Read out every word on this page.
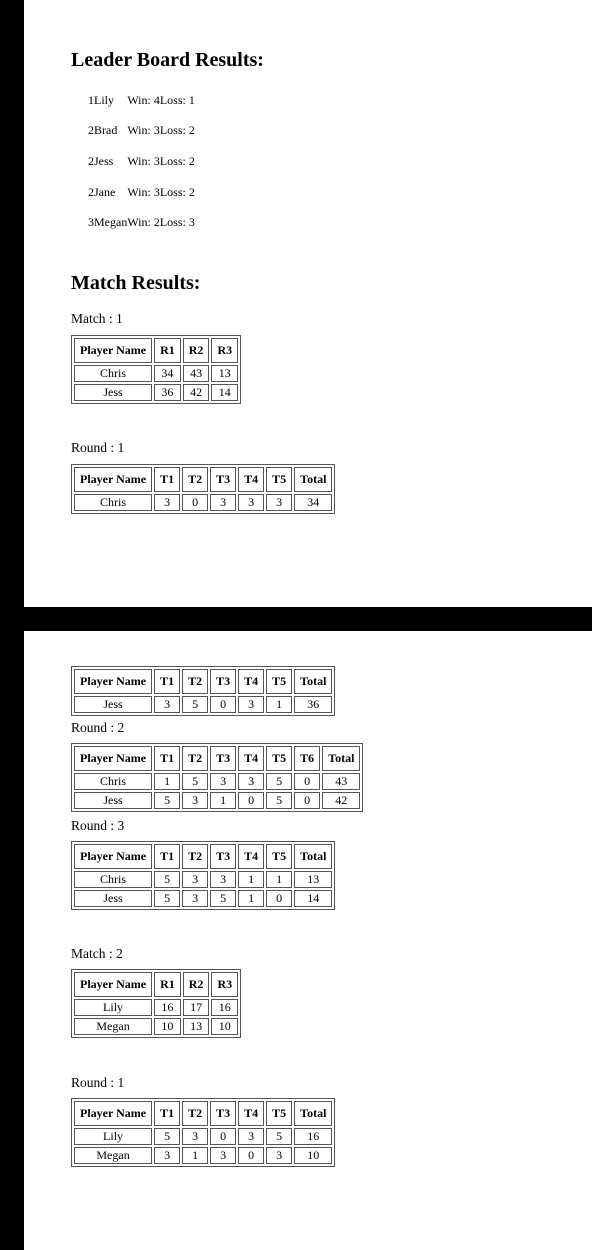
Leader Board Results:
1	Lily	Win: 4	Loss: 1
2	Brad	Win: 3	Loss: 2
2	Jess	Win: 3	Loss: 2
2	Jane	Win: 3	Loss: 2
3	Megan	Win: 2	Loss: 3
Match Results:
Match : 1
Player Name	R1	R2	R3
Chris	34	43	13
Jess	36	42	14
Round : 1
Player Name	T1	T2	T3	T4	T5	Total
Chris	3	0	3	3	3	34
Player Name	T1	T2	T3	T4	T5	Total
Jess	3	5	0	3	1	36
Round : 2
Player Name	T1	T2	T3	T4	T5	T6	Total
Chris	1	5	3	3	5	0	43
Jess	5	3	1	0	5	0	42
Round : 3
Player Name	T1	T2	T3	T4	T5	Total
Chris	5	3	3	1	1	13
Jess	5	3	5	1	0	14
Match : 2
Player Name	R1	R2	R3
Lily	16	17	16
Megan	10	13	10
Round : 1
Player Name	T1	T2	T3	T4	T5	Total
Lily	5	3	0	3	5	16
Megan	3	1	3	0	3	10
